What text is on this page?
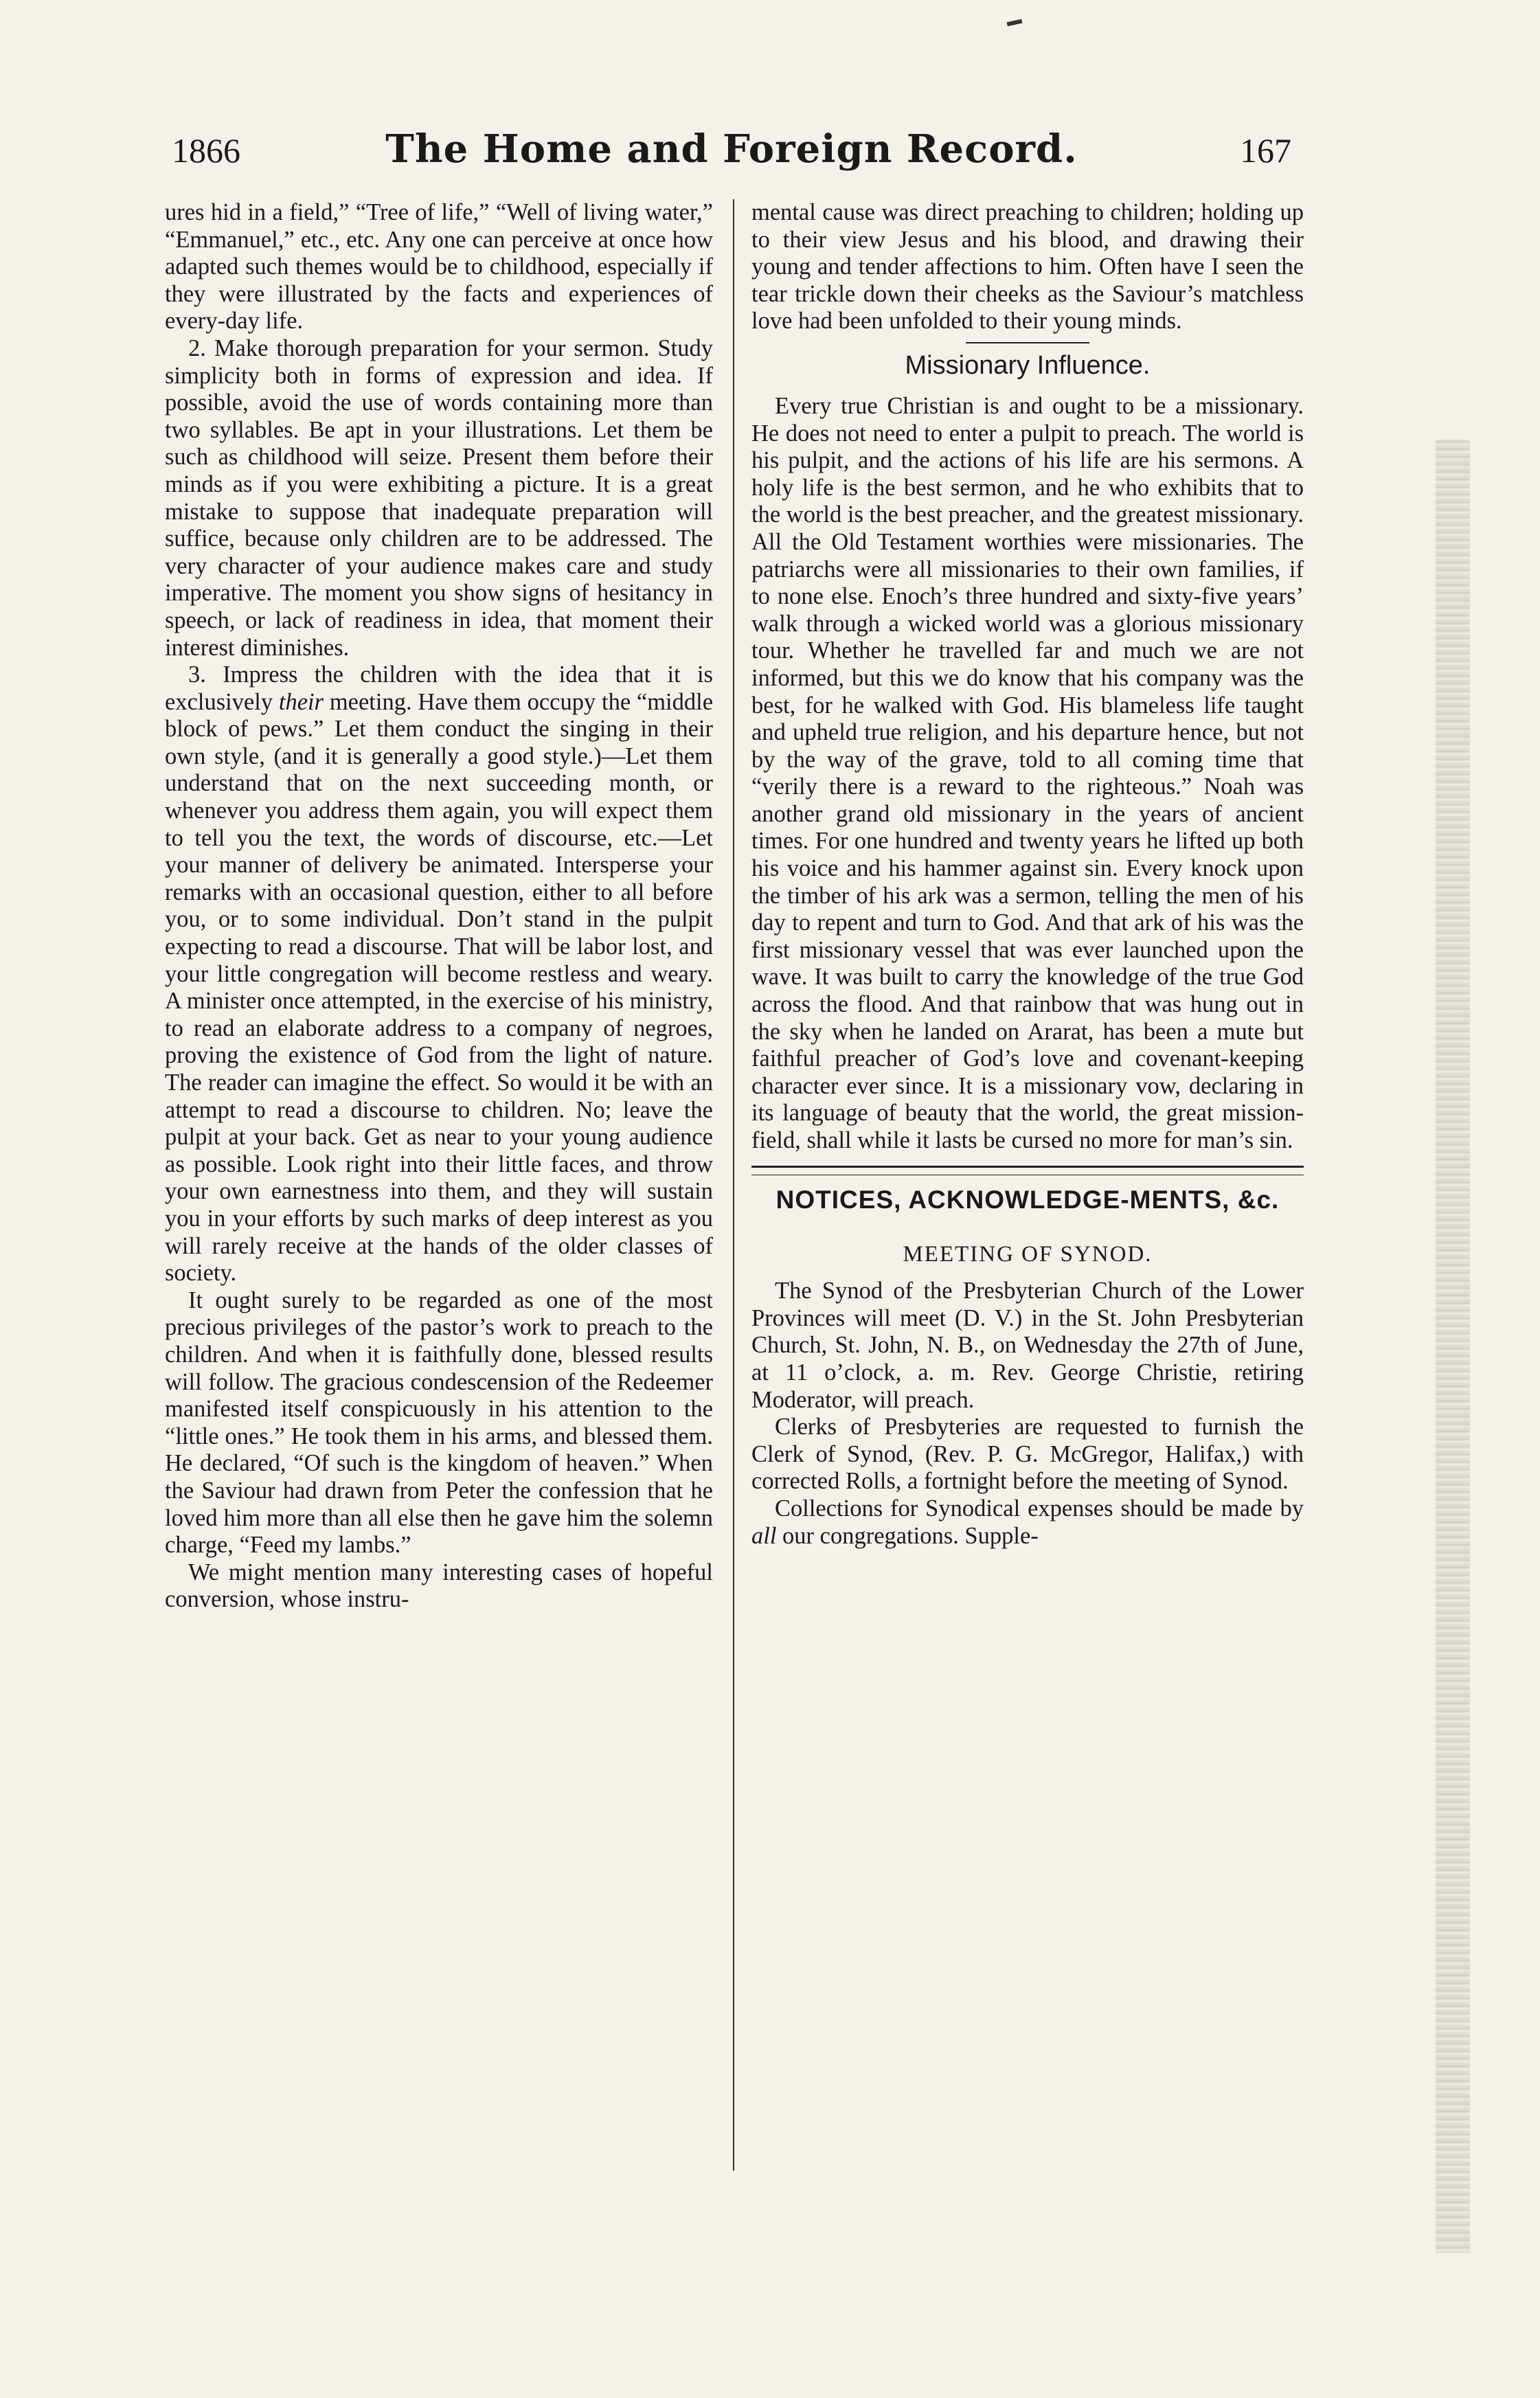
1866	The Home and Foreign Record.	167

ures hid in a field,” “Tree of life,” “Well of living water,” “Emmanuel,” etc., etc. Any one can perceive at once how adapted such themes would be to childhood, especially if they were illustrated by the facts and experiences of every-day life.

2. Make thorough preparation for your sermon. Study simplicity both in forms of expression and idea. If possible, avoid the use of words containing more than two syllables. Be apt in your illustrations. Let them be such as childhood will seize. Present them before their minds as if you were exhibiting a picture. It is a great mistake to suppose that inadequate preparation will suffice, because only children are to be addressed. The very character of your audience makes care and study imperative. The moment you show signs of hesitancy in speech, or lack of readiness in idea, that moment their interest diminishes.

3. Impress the children with the idea that it is exclusively their meeting. Have them occupy the “middle block of pews.” Let them conduct the singing in their own style, (and it is generally a good style.)—Let them understand that on the next succeeding month, or whenever you address them again, you will expect them to tell you the text, the words of discourse, etc.—Let your manner of delivery be animated. Intersperse your remarks with an occasional question, either to all before you, or to some individual. Don’t stand in the pulpit expecting to read a discourse. That will be labor lost, and your little congregation will become restless and weary. A minister once attempted, in the exercise of his ministry, to read an elaborate address to a company of negroes, proving the existence of God from the light of nature. The reader can imagine the effect. So would it be with an attempt to read a discourse to children. No; leave the pulpit at your back. Get as near to your young audience as possible. Look right into their little faces, and throw your own earnestness into them, and they will sustain you in your efforts by such marks of deep interest as you will rarely receive at the hands of the older classes of society.

It ought surely to be regarded as one of the most precious privileges of the pastor’s work to preach to the children. And when it is faithfully done, blessed results will follow. The gracious condescension of the Redeemer manifested itself conspicuously in his attention to the “little ones.” He took them in his arms, and blessed them. He declared, “Of such is the kingdom of heaven.” When the Saviour had drawn from Peter the confession that he loved him more than all else then he gave him the solemn charge, “Feed my lambs.”

We might mention many interesting cases of hopeful conversion, whose instru-

mental cause was direct preaching to children; holding up to their view Jesus and his blood, and drawing their young and tender affections to him. Often have I seen the tear trickle down their cheeks as the Saviour’s matchless love had been unfolded to their young minds.

Missionary Influence.

Every true Christian is and ought to be a missionary. He does not need to enter a pulpit to preach. The world is his pulpit, and the actions of his life are his sermons. A holy life is the best sermon, and he who exhibits that to the world is the best preacher, and the greatest missionary. All the Old Testament worthies were missionaries. The patriarchs were all missionaries to their own families, if to none else. Enoch’s three hundred and sixty-five years’ walk through a wicked world was a glorious missionary tour. Whether he travelled far and much we are not informed, but this we do know that his company was the best, for he walked with God. His blameless life taught and upheld true religion, and his departure hence, but not by the way of the grave, told to all coming time that “verily there is a reward to the righteous.” Noah was another grand old missionary in the years of ancient times. For one hundred and twenty years he lifted up both his voice and his hammer against sin. Every knock upon the timber of his ark was a sermon, telling the men of his day to repent and turn to God. And that ark of his was the first missionary vessel that was ever launched upon the wave. It was built to carry the knowledge of the true God across the flood. And that rainbow that was hung out in the sky when he landed on Ararat, has been a mute but faithful preacher of God’s love and covenant-keeping character ever since. It is a missionary vow, declaring in its language of beauty that the world, the great mission-field, shall while it lasts be cursed no more for man’s sin.

NOTICES, ACKNOWLEDGE-MENTS, &c.
MEETING OF SYNOD.

The Synod of the Presbyterian Church of the Lower Provinces will meet (D. V.) in the St. John Presbyterian Church, St. John, N. B., on Wednesday the 27th of June, at 11 o’clock, a. m. Rev. George Christie, retiring Moderator, will preach.

Clerks of Presbyteries are requested to furnish the Clerk of Synod, (Rev. P. G. McGregor, Halifax,) with corrected Rolls, a fortnight before the meeting of Synod.

Collections for Synodical expenses should be made by all our congregations. Supple-
